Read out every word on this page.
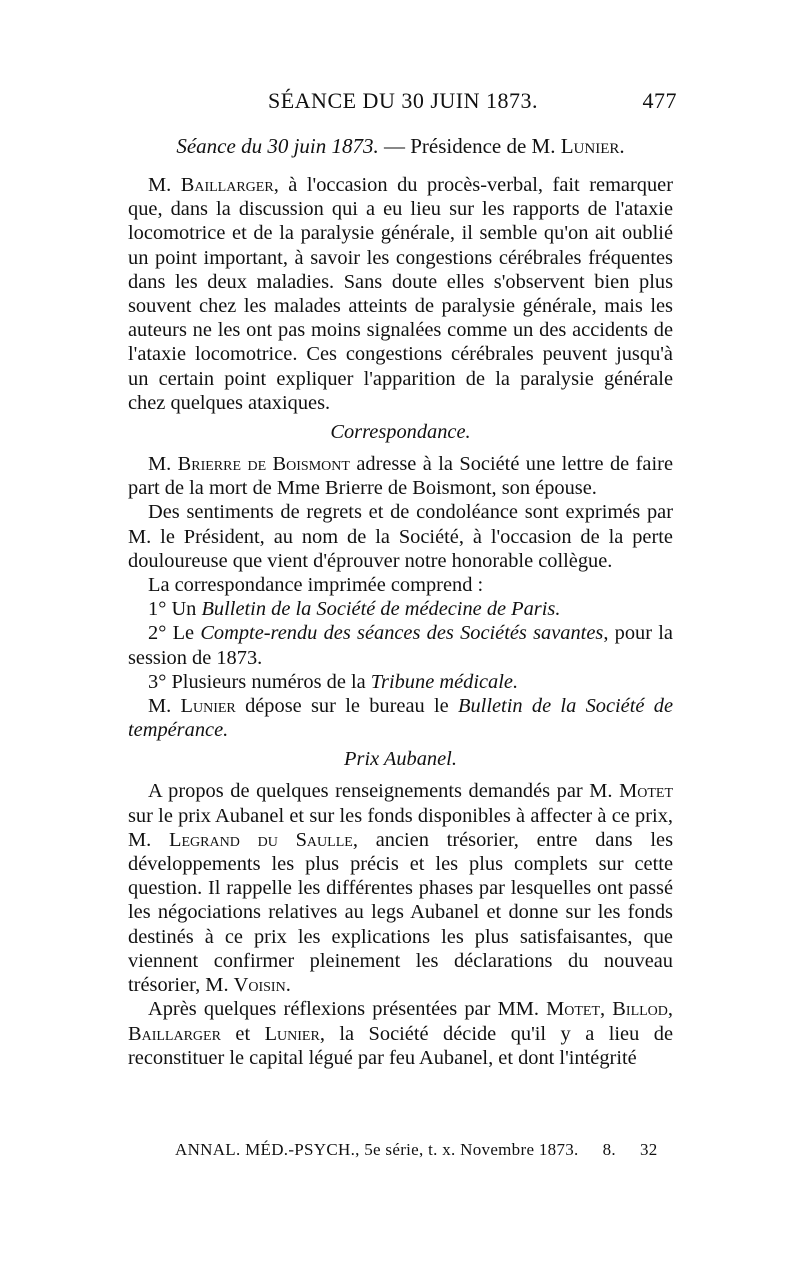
SÉANCE DU 30 JUIN 1873.	477
Séance du 30 juin 1873. — Présidence de M. Lunier.

M. Baillarger, à l'occasion du procès-verbal, fait remarquer que, dans la discussion qui a eu lieu sur les rapports de l'ataxie locomotrice et de la paralysie générale, il semble qu'on ait oublié un point important, à savoir les congestions cérébrales fréquentes dans les deux maladies. Sans doute elles s'observent bien plus souvent chez les malades atteints de paralysie générale, mais les auteurs ne les ont pas moins signalées comme un des accidents de l'ataxie locomotrice. Ces congestions cérébrales peuvent jusqu'à un certain point expliquer l'apparition de la paralysie générale chez quelques ataxiques.

Correspondance.

M. Brierre de Boismont adresse à la Société une lettre de faire part de la mort de Mme Brierre de Boismont, son épouse.

Des sentiments de regrets et de condoléance sont exprimés par M. le Président, au nom de la Société, à l'occasion de la perte douloureuse que vient d'éprouver notre honorable collègue.

La correspondance imprimée comprend :

1° Un Bulletin de la Société de médecine de Paris.

2° Le Compte-rendu des séances des Sociétés savantes, pour la session de 1873.

3° Plusieurs numéros de la Tribune médicale.

M. Lunier dépose sur le bureau le Bulletin de la Société de tempérance.

Prix Aubanel.

A propos de quelques renseignements demandés par M. Motet sur le prix Aubanel et sur les fonds disponibles à affecter à ce prix, M. Legrand du Saulle, ancien trésorier, entre dans les développements les plus précis et les plus complets sur cette question. Il rappelle les différentes phases par lesquelles ont passé les négociations relatives au legs Aubanel et donne sur les fonds destinés à ce prix les explications les plus satisfaisantes, que viennent confirmer pleinement les déclarations du nouveau trésorier, M. Voisin.

Après quelques réflexions présentées par MM. Motet, Billod, Baillarger et Lunier, la Société décide qu'il y a lieu de reconstituer le capital légué par feu Aubanel, et dont l'intégrité

ANNAL. MÉD.-PSYCH., 5e série, t. x. Novembre 1873. 8. 32
